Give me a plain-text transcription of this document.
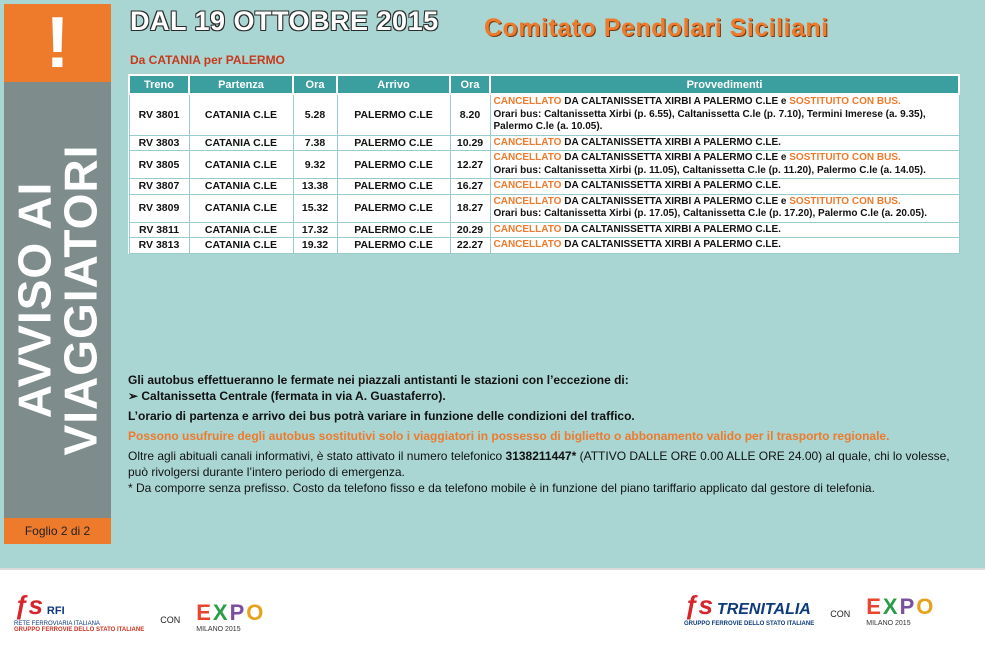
!
AVVISO AI
VIAGGIATORI
Foglio 2 di 2
DAL 19 OTTOBRE 2015 Comitato Pendolari Siciliani
Da CATANIA per PALERMO
Treno	Partenza	Ora	Arrivo	Ora	Provvedimenti
RV 3801	CATANIA C.LE	5.28	PALERMO C.LE	8.20	CANCELLATO DA CALTANISSETTA XIRBI A PALERMO C.LE e SOSTITUITO CON BUS.
Orari bus: Caltanissetta Xirbi (p. 6.55), Caltanissetta C.le (p. 7.10), Termini Imerese (a. 9.35), Palermo C.le (a. 10.05).
RV 3803	CATANIA C.LE	7.38	PALERMO C.LE	10.29	CANCELLATO DA CALTANISSETTA XIRBI A PALERMO C.LE.
RV 3805	CATANIA C.LE	9.32	PALERMO C.LE	12.27	CANCELLATO DA CALTANISSETTA XIRBI A PALERMO C.LE e SOSTITUITO CON BUS.
Orari bus: Caltanissetta Xirbi (p. 11.05), Caltanissetta C.le (p. 11.20), Palermo C.le (a. 14.05).
RV 3807	CATANIA C.LE	13.38	PALERMO C.LE	16.27	CANCELLATO DA CALTANISSETTA XIRBI A PALERMO C.LE.
RV 3809	CATANIA C.LE	15.32	PALERMO C.LE	18.27	CANCELLATO DA CALTANISSETTA XIRBI A PALERMO C.LE e SOSTITUITO CON BUS.
Orari bus: Caltanissetta Xirbi (p. 17.05), Caltanissetta C.le (p. 17.20), Palermo C.le (a. 20.05).
RV 3811	CATANIA C.LE	17.32	PALERMO C.LE	20.29	CANCELLATO DA CALTANISSETTA XIRBI A PALERMO C.LE.
RV 3813	CATANIA C.LE	19.32	PALERMO C.LE	22.27	CANCELLATO DA CALTANISSETTA XIRBI A PALERMO C.LE.

Gli autobus effettueranno le fermate nei piazzali antistanti le stazioni con l’eccezione di:
➢ Caltanissetta Centrale (fermata in via A. Guastaferro).

L’orario di partenza e arrivo dei bus potrà variare in funzione delle condizioni del traffico.

Possono usufruire degli autobus sostitutivi solo i viaggiatori in possesso di biglietto o abbonamento valido per il trasporto regionale.

Oltre agli abituali canali informativi, è stato attivato il numero telefonico 3138211447* (ATTIVO DALLE ORE 0.00 ALLE ORE 24.00) al quale, chi lo volesse, può rivolgersi durante l’intero periodo di emergenza.

* Da comporre senza prefisso. Costo da telefono fisso e da telefono mobile è in funzione del piano tariffario applicato dal gestore di telefonia.

ƒs RFI
RETE FERROVIARIA ITALIANA
GRUPPO FERROVIE DELLO STATO ITALIANE
CON E X P O
MILANO 2015
ƒs TRENITALIA
GRUPPO FERROVIE DELLO STATO ITALIANE
CON E X P O
MILANO 2015
